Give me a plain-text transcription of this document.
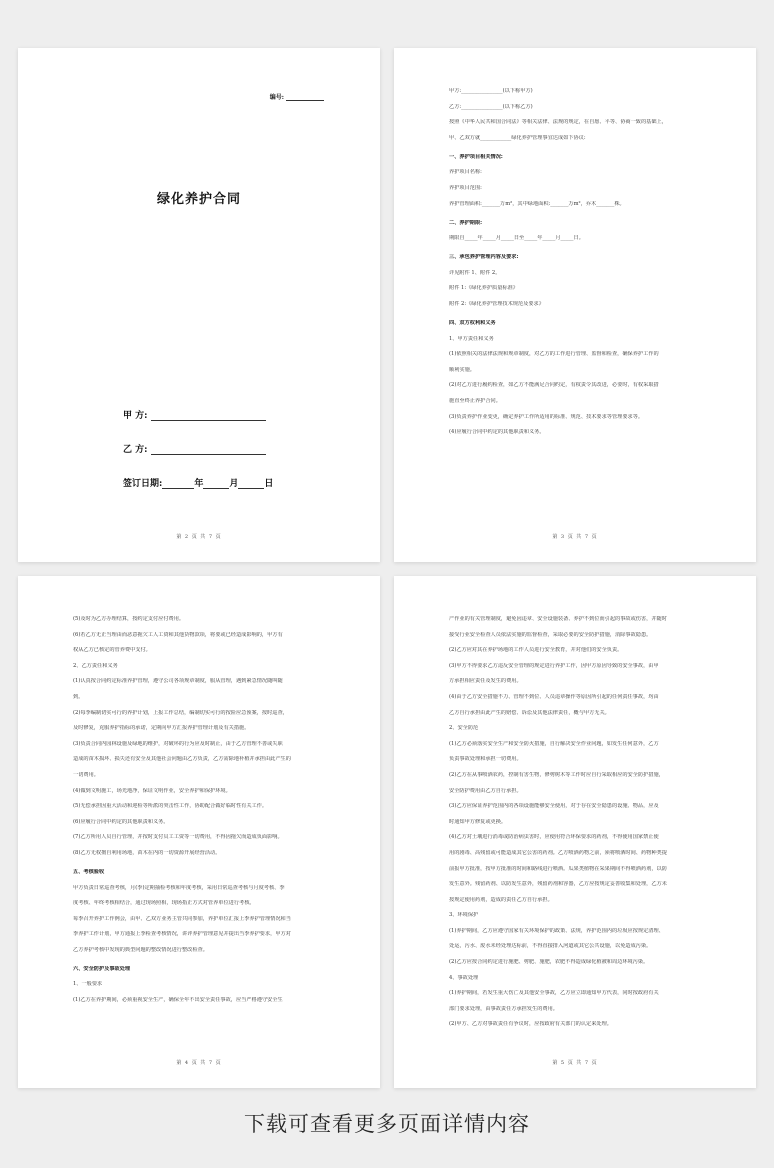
编号:
绿化养护合同
甲 方:
乙 方:
签订日期:	年	月	日
第 2 页 共 7 页
甲方:________________(以下称甲方)
乙方:________________(以下称乙方)
按照《中华人民共和国合同法》等相关法律、法规的规定，在自愿、平等、协商一致的基础上，
甲、乙双方就____________绿化养护管理事宜达成如下协议:
一、养护项目相关情况:
养护项目名称:
养护项目范围:
养护管理面积:_______万m²，其中绿地面积:_______万m²，乔木_______株。
二、养护期限:
期限自_____年_____月_____日至_____年_____月_____日。
三、承包养护管理内容及要求:
详见附件 1、附件 2。
附件 1:《绿化养护质量标准》
附件 2:《绿化养护管理技术规范及要求》
四、双方权利和义务
1、甲方责任和义务
(1)依照相关的法律法规和规章制度，对乙方的工作进行管理、监督和检查，确保养护工作的
顺利实施。
(2)对乙方进行履约检查，如乙方不能满足合同约定，有权责令其改进，必要时，有权采取措
施直至终止养护合同。
(3)负责养护作业变更，确定养护工作所适用的标准、规范、技术要求等管理要求等。
(4)应履行合同中约定的其他职责和义务。
第 3 页 共 7 页
(5)及时为乙方办理结算，按约定支付应付费用。
(6)若乙方无正当理由而恶意拖欠工人工资和其他货物款项，将要或已经造成影响的，甲方有
权从乙方已核定的管养费中支付。
2、乙方责任和义务
(1)认真按合同约定标准养护管理，遵守公司各项规章制度，服从管理，遇到紧急情况随叫随
到。
(2)每季编制切实可行的养护计划，上报工作总结，编制切实可行的按险应急预案，按时巡查，
及时修复，克服养护指标的承诺，定期向甲方汇报养护管理计划及有关措施。
(3)负责合同内园林设施及绿地的维护，对破坏的行为应及时制止，由于乙方管理不善或失职
造成的苗木损坏、损失还有安全及其他社会问题由乙方负责，乙方需除地补植并承担由此产生的
一切费用。
(4)做到文明施工，场光地净，保证文明作业，安全养护和保护环境。
(5)无偿承担因重大活动和迎检等所派的突击性工作，协助配合做好临时性有关工作。
(6)应履行合同中约定的其他职责和义务。
(7)乙方所用人员自行管理，并按时支付员工工资等一切费用，不得因拖欠而造成负面影响。
(8)乙方无权擅自利用场地，苗木在内的一切资源开展经营活动。
五、考核验收
甲方负责日常巡查考核，月(季)定期抽检考核和年度考核，采用日常巡查考核与月度考核、季
度考核、年终考核相结合，通过现场照相，现场指正方式对管养单位进行考核。
每季召开养护工作例会，由甲、乙双方业务主管共同参加，养护单位汇报上季养护管理情况和当
季养护工作计划，甲方通报上季检查考核情况，讲评养护管理意见并提出当季养护要求，甲方对
乙方养护考核中发现的典型问题的整改情况进行整改检查。
六、安全防护及事故处理
1、一般要求
(1)乙方在养护期间，必须重视安全生产，确保全年不出安全责任事故，应当严格遵守安全生
第 4 页 共 7 页
产作业的有关管理制度，避免因违章、安全设施装备、养护不到位而引起的事故或伤害，并随时
接受行业安全检查人员依法实施的监督检查，采取必要的安全防护措施，消除事故隐患。
(2)乙方应对其在养护场地的工作人员进行安全教育，并对他们的安全负责。
(3)甲方不得要求乙方违反安全管理的规定进行养护工作，因甲方原因导致的安全事故，由甲
方承担相应责任及发生的费用。
(4)由于乙方安全措施不力、管理不到位、人员违章操作等原因所引起的任何责任事故，均由
乙方自行承担由此产生的赔偿、诉讼及其他法律责任，概与甲方无关。
2、安全防范
(1)乙方必须落实安全生产和安全防火措施，自行解决安全作业问题，如发生任何意外，乙方
负责事故处理和承担一切费用。
(2)乙方在从事喷洒农药，控制有害生物，修剪树木等工作时应自行采取相应的安全防护措施，
安全防护费用由乙方自行承担。
(3)乙方应保证养护范围内的各项设施能够安全使用，对于存在安全隐患的设施、物品，应及
时通知甲方修复或更换。
(4)乙方对土壤进行消毒或防治病虫害时，应使用符合环保要求的药剂，不得使用国家禁止使
用的剧毒、高残留或可能造成其它公害的药剂。乙方喷洒药物之前，须将喷洒时间、药物种类提
前报甲方批准，按甲方批准的时间和路线进行喷洒。瓜果类植物在采果期间不得喷洒药剂，以防
发生意外。残留药剂、以防发生意外，残留药剂和容器，乙方应按规定妥善收集和处理，乙方未
按规定使用药剂，造成的责任乙方自行承担。
3、环境保护
(1)养护期间，乙方应遵守国家有关环境保护的政策、法规，养护范围内的垃圾应按规定清理、
处运，污水、废水未经处理达标前，不得直接排入河道或其它公共设施，以免造成污染。
(2)乙方应按合同约定进行施肥、剪肥、施肥，农肥不得造成绿化植被和周边环境污染。
4、事故处理
(1)养护期间，若发生重大伤亡及其他安全事故，乙方应立即通知甲方代表，同时按政府有关
部门要求处理，由事故责任方承担发生的费用。
(2)甲方、乙方对事故责任有争议时，应按政府有关部门的认定来处理。
第 5 页 共 7 页
下载可查看更多页面详情内容
